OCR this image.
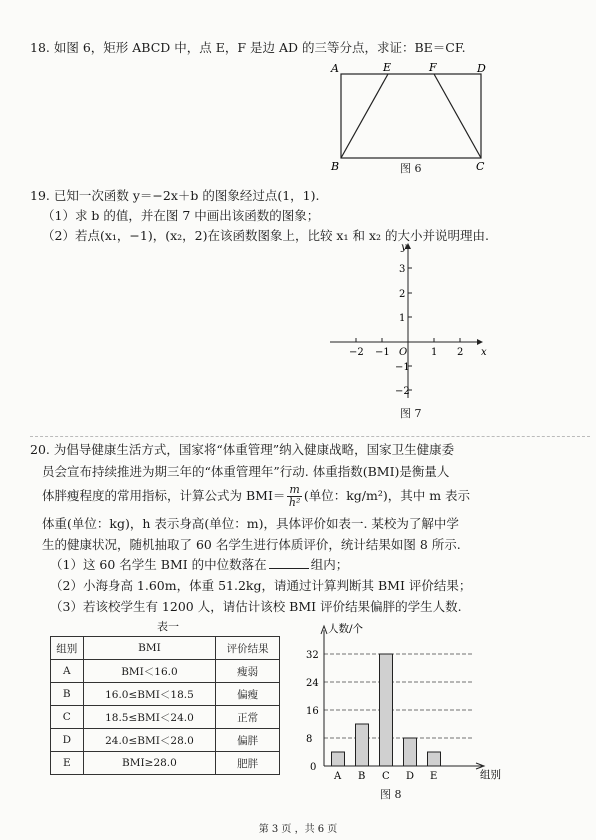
18. 如图 6，矩形 ABCD 中，点 E，F 是边 AD 的三等分点，求证：BE＝CF.
A	E	F	D
B	C
图 6
19. 已知一次函数 y＝−2x＋b 的图象经过点(1，1).
（1）求 b 的值，并在图 7 中画出该函数的图象；
（2）若点(x₁，−1)，(x₂，2)在该函数图象上，比较 x₁ 和 x₂ 的大小并说明理由.
−2 −1	1 2
3
2
1
−1
−2
O	x
y
图 7
20. 为倡导健康生活方式，国家将“体重管理”纳入健康战略，国家卫生健康委
员会宣布持续推进为期三年的“体重管理年”行动. 体重指数(BMI)是衡量人
体胖瘦程度的常用指标，计算公式为 $BMI= \frac{m}{\text{h²}}$ (单位：kg/m²)，其中 m 表示
体重(单位：kg)，h 表示身高(单位：m)，具体评价如表一. 某校为了解中学
生的健康状况，随机抽取了 60 名学生进行体质评价，统计结果如图 8 所示.
（1）这 60 名学生 BMI 的中位数落在	组内；
（2）小海身高 1.60m，体重 51.2kg，请通过计算判断其 BMI 评价结果；
（3）若该校学生有 1200 人，请估计该校 BMI 评价结果偏胖的学生人数.
表一
组别	BMI	评价结果
A	BMI＜16.0	瘦弱
B	16.0≤BMI＜18.5	偏瘦
C	18.5≤BMI＜24.0	正常
D	24.0≤BMI＜28.0	偏胖
E	BMI≥28.0	肥胖
A B C D E
0
8
16
24
32
人数/个
组别
图 8
第 3 页 ，共 6 页
